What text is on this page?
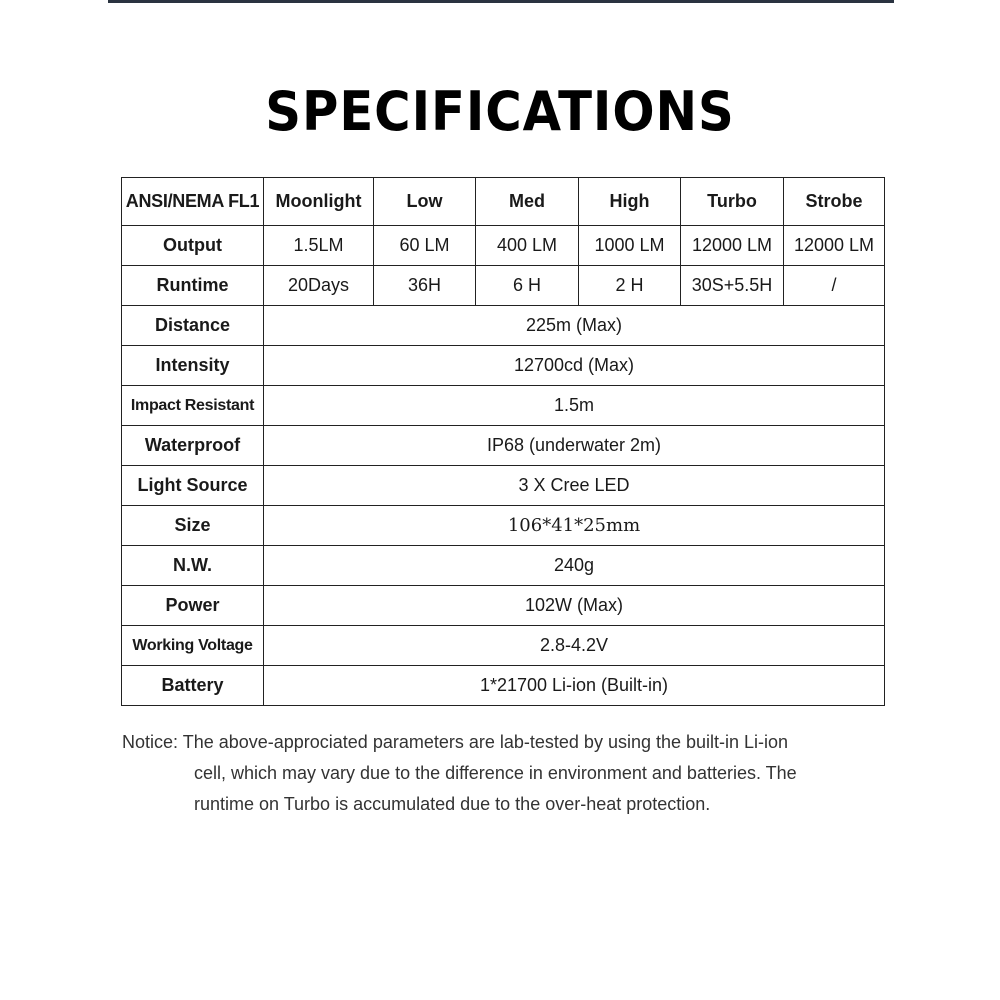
SPECIFICATIONS
ANSI/NEMA FL1	Moonlight	Low	Med	High	Turbo	Strobe
Output	1.5LM	60 LM	400 LM	1000 LM	12000 LM	12000 LM
Runtime	20Days	36H	6 H	2 H	30S+5.5H	/
Distance	225m (Max)					
Intensity	12700cd (Max)					
Impact Resistant	1.5m					
Waterproof	IP68 (underwater 2m)					
Light Source	3 X Cree LED					
Size	106*41*25mm					
N.W.	240g					
Power	102W (Max)					
Working Voltage	2.8-4.2V					
Battery	1*21700 Li-ion (Built-in)					
Notice: The above-approciated parameters are lab-tested by using the built-in Li-ion
cell, which may vary due to the difference in environment and batteries. The
runtime on Turbo is accumulated due to the over-heat protection.
